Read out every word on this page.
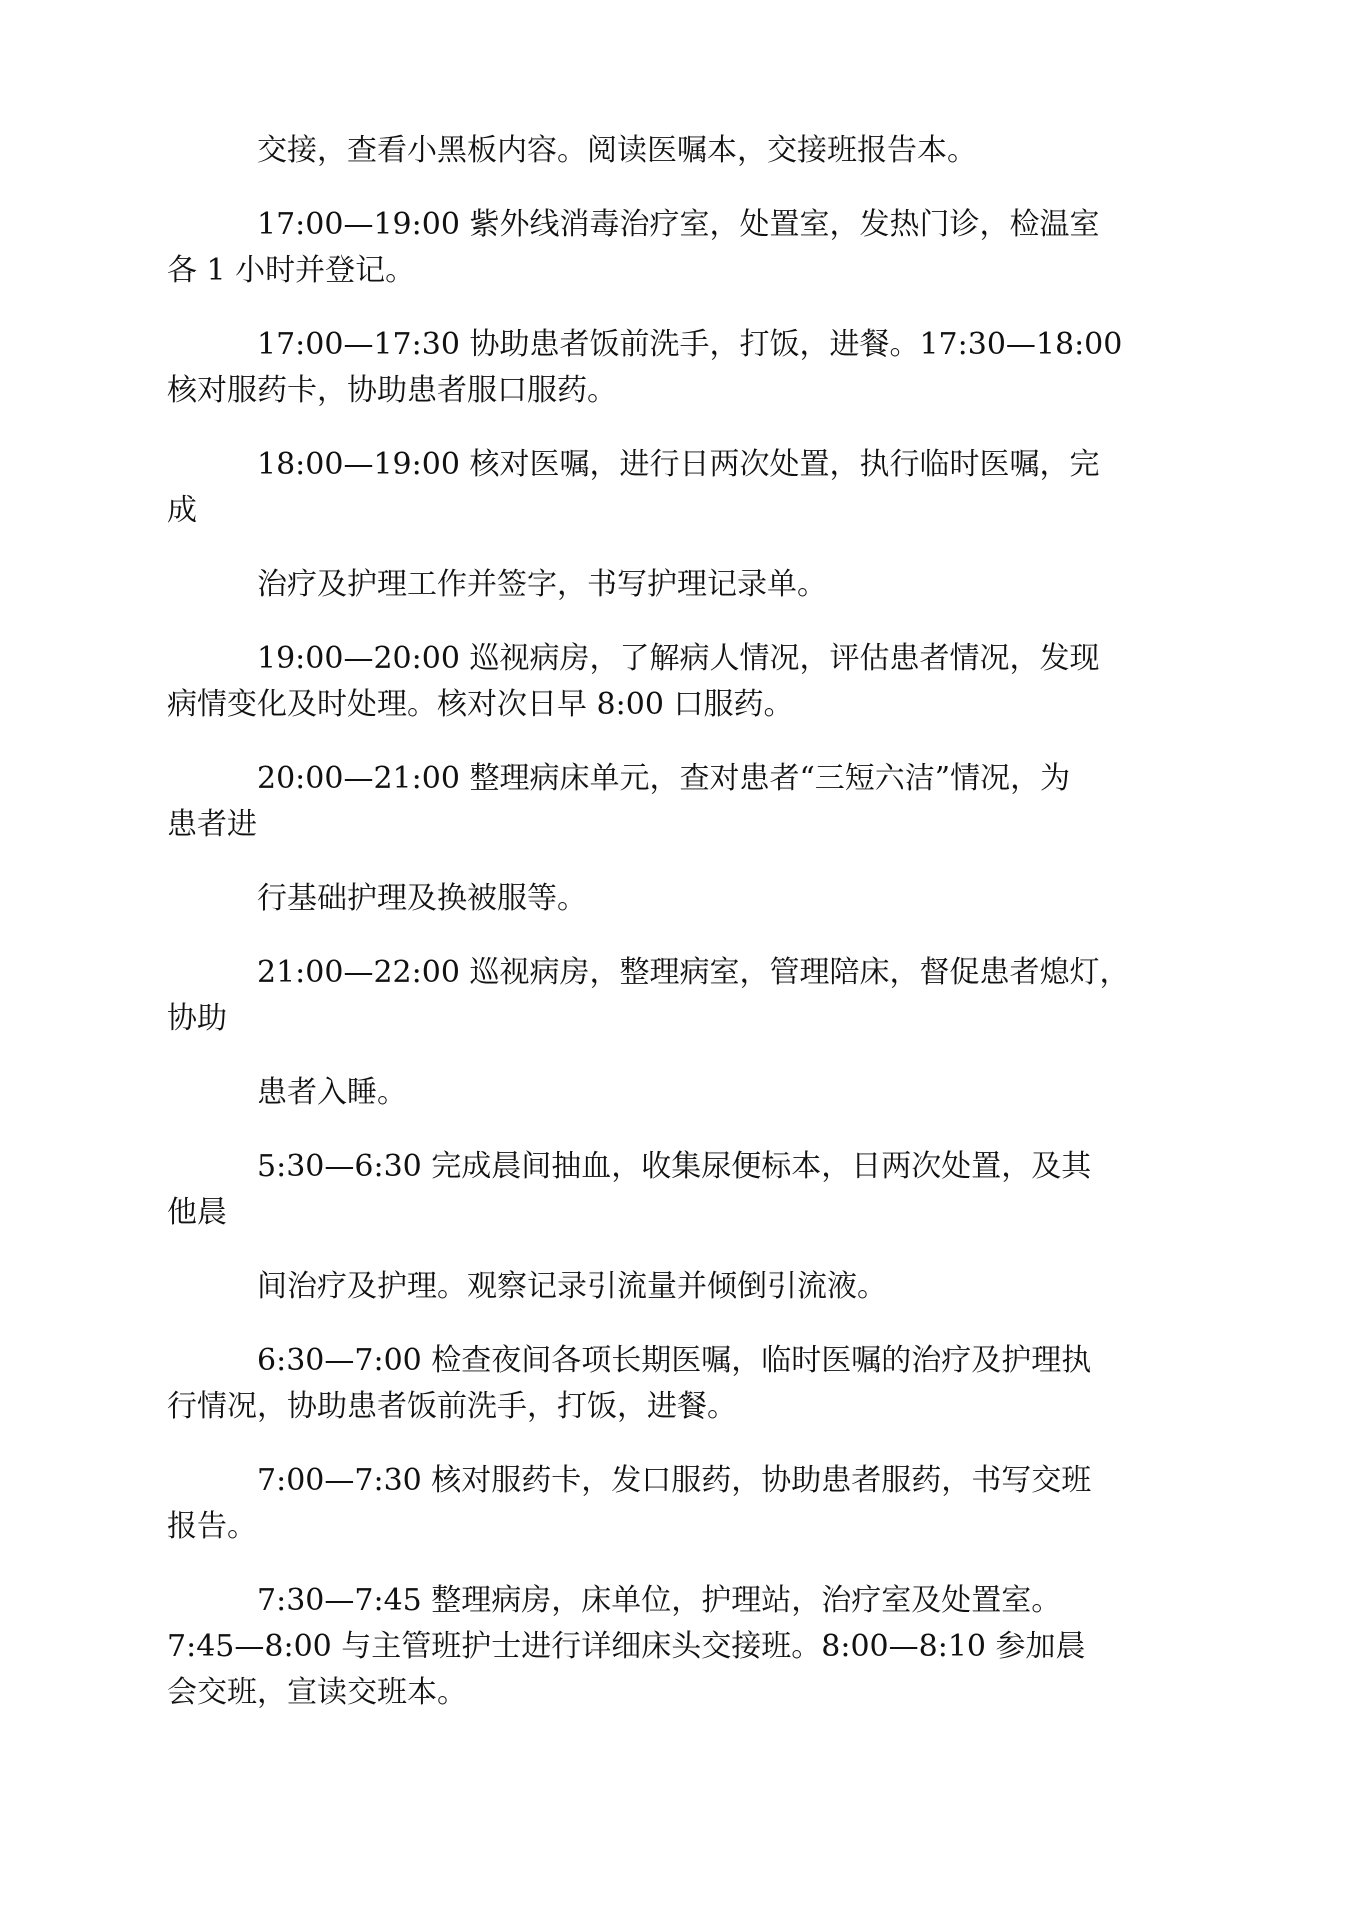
交接，查看小黑板内容。阅读医嘱本，交接班报告本。
17:00—19:00 紫外线消毒治疗室，处置室，发热门诊，检温室
各 1 小时并登记。
17:00—17:30 协助患者饭前洗手，打饭，进餐。17:30—18:00
核对服药卡，协助患者服口服药。
18:00—19:00 核对医嘱，进行日两次处置，执行临时医嘱，完
成
治疗及护理工作并签字，书写护理记录单。
19:00—20:00 巡视病房，了解病人情况，评估患者情况，发现
病情变化及时处理。核对次日早 8:00 口服药。
20:00—21:00 整理病床单元，查对患者“三短六洁”情况，为
患者进
行基础护理及换被服等。
21:00—22:00 巡视病房，整理病室，管理陪床，督促患者熄灯，
协助
患者入睡。
5:30—6:30 完成晨间抽血，收集尿便标本，日两次处置，及其
他晨
间治疗及护理。观察记录引流量并倾倒引流液。
6:30—7:00 检查夜间各项长期医嘱，临时医嘱的治疗及护理执
行情况，协助患者饭前洗手，打饭，进餐。
7:00—7:30 核对服药卡，发口服药，协助患者服药，书写交班
报告。
7:30—7:45 整理病房，床单位，护理站，治疗室及处置室。
7:45—8:00 与主管班护士进行详细床头交接班。8:00—8:10 参加晨
会交班，宣读交班本。
